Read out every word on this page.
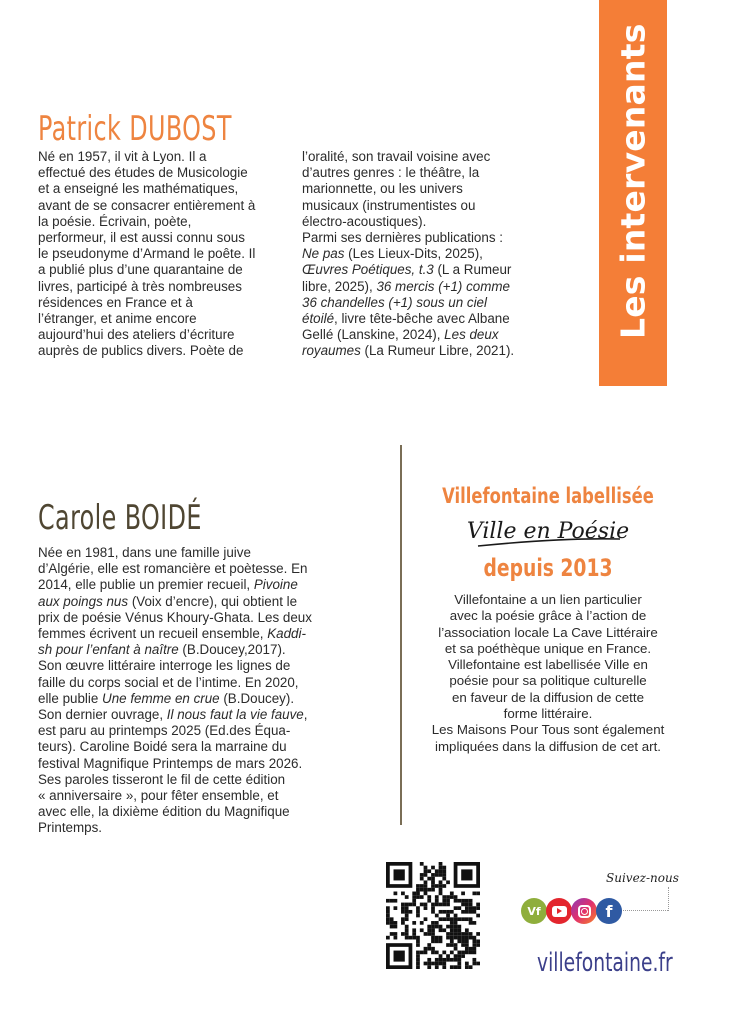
Les intervenants
Patrick DUBOST
Né en 1957, il vit à Lyon. Il a
effectué des études de Musicologie
et a enseigné les mathématiques,
avant de se consacrer entièrement à
la poésie. Écrivain, poète,
performeur, il est aussi connu sous
le pseudonyme d’Armand le poête. Il
a publié plus d’une quarantaine de
livres, participé à très nombreuses
résidences en France et à
l’étranger, et anime encore
aujourd’hui des ateliers d’écriture
auprès de publics divers. Poète de
l’oralité, son travail voisine avec
d’autres genres : le théâtre, la
marionnette, ou les univers
musicaux (instrumentistes ou
électro-acoustiques).
Parmi ses dernières publications :
Ne pas (Les Lieux-Dits, 2025),
Œuvres Poétiques, t.3 (L a Rumeur
libre, 2025), 36 mercis (+1) comme
36 chandelles (+1) sous un ciel
étoilé, livre tête-bêche avec Albane
Gellé (Lanskine, 2024), Les deux
royaumes (La Rumeur Libre, 2021).
Carole BOIDÉ
Née en 1981, dans une famille juive
d’Algérie, elle est romancière et poètesse. En
2014, elle publie un premier recueil, Pivoine
aux poings nus (Voix d’encre), qui obtient le
prix de poésie Vénus Khoury-Ghata. Les deux
femmes écrivent un recueil ensemble, Kaddi-
sh pour l’enfant à naître (B.Doucey,2017).
Son œuvre littéraire interroge les lignes de
faille du corps social et de l’intime. En 2020,
elle publie Une femme en crue (B.Doucey).
Son dernier ouvrage, Il nous faut la vie fauve,
est paru au printemps 2025 (Ed.des Équa-
teurs). Caroline Boidé sera la marraine du
festival Magnifique Printemps de mars 2026.
Ses paroles tisseront le fil de cette édition
« anniversaire », pour fêter ensemble, et
avec elle, la dixième édition du Magnifique
Printemps.
Villefontaine labellisée
Ville en Poésie
depuis 2013
Villefontaine a un lien particulier
avec la poésie grâce à l’action de
l’association locale La Cave Littéraire
et sa poéthèque unique en France.
Villefontaine est labellisée Ville en
poésie pour sa politique culturelle
en faveur de la diffusion de cette
forme littéraire.
Les Maisons Pour Tous sont également
impliquées dans la diffusion de cet art.
Suivez-nous
Vf	f
villefontaine.fr
